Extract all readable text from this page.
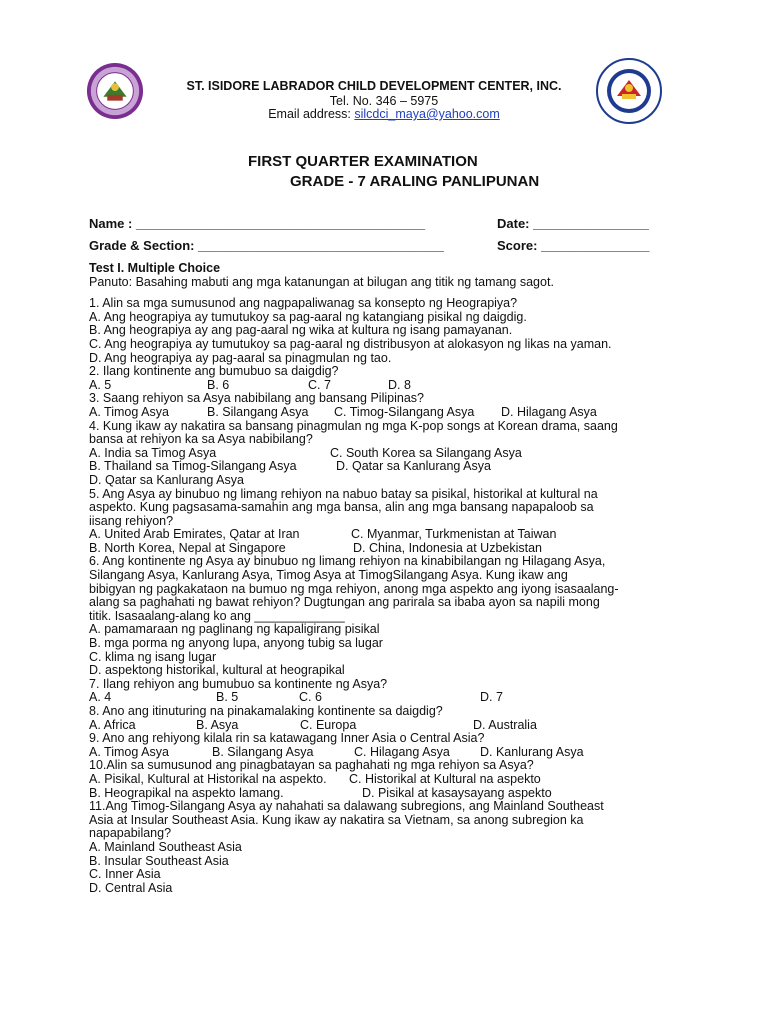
ST. ISIDORE LABRADOR CHILD DEVELOPMENT CENTER, INC.
Tel. No. 346 – 5975
Email address: silcdci_maya@yahoo.com
FIRST QUARTER EXAMINATION
GRADE - 7 ARALING PANLIPUNAN
Name : ________________________________________	Date: ________________
Grade & Section: __________________________________	Score: _______________
Test I. Multiple Choice
Panuto: Basahing mabuti ang mga katanungan at bilugan ang titik ng tamang sagot.
1. Alin sa mga sumusunod ang nagpapaliwanag sa konsepto ng Heograpiya?
A. Ang heograpiya ay tumutukoy sa pag-aaral ng katangiang pisikal ng daigdig.
B. Ang heograpiya ay ang pag-aaral ng wika at kultura ng isang pamayanan.
C. Ang heograpiya ay tumutukoy sa pag-aaral ng distribusyon at alokasyon ng likas na yaman.
D. Ang heograpiya ay pag-aaral sa pinagmulan ng tao.
2. Ilang kontinente ang bumubuo sa daigdig?
A. 5	B. 6	C. 7	D. 8
3. Saang rehiyon sa Asya nabibilang ang bansang Pilipinas?
A. Timog Asya	B. Silangang Asya C. Timog-Silangang Asya D. Hilagang Asya
4. Kung ikaw ay nakatira sa bansang pinagmulan ng mga K-pop songs at Korean drama, saang
bansa at rehiyon ka sa Asya nabibilang?
A. India sa Timog Asya	C. South Korea sa Silangang Asya
B. Thailand sa Timog-Silangang Asya	D. Qatar sa Kanlurang Asya
D. Qatar sa Kanlurang Asya
5. Ang Asya ay binubuo ng limang rehiyon na nabuo batay sa pisikal, historikal at kultural na
aspekto. Kung pagsasama-samahin ang mga bansa, alin ang mga bansang napapaloob sa
iisang rehiyon?
A. United Arab Emirates, Qatar at Iran	C. Myanmar, Turkmenistan at Taiwan
B. North Korea, Nepal at Singapore	D. China, Indonesia at Uzbekistan
6. Ang kontinente ng Asya ay binubuo ng limang rehiyon na kinabibilangan ng Hilagang Asya,
Silangang Asya, Kanlurang Asya, Timog Asya at TimogSilangang Asya. Kung ikaw ang
bibigyan ng pagkakataon na bumuo ng mga rehiyon, anong mga aspekto ang iyong isasaalang-
alang sa paghahati ng bawat rehiyon? Dugtungan ang parirala sa ibaba ayon sa napili mong
titik. Isasaalang-alang ko ang _____________
A. pamamaraan ng paglinang ng kapaligirang pisikal
B. mga porma ng anyong lupa, anyong tubig sa lugar
C. klima ng isang lugar
D. aspektong historikal, kultural at heograpikal
7. Ilang rehiyon ang bumubuo sa kontinente ng Asya?
A. 4	B. 5	C. 6	D. 7
8. Ano ang itinuturing na pinakamalaking kontinente sa daigdig?
A. Africa	B. Asya	C. Europa	D. Australia
9. Ano ang rehiyong kilala rin sa katawagang Inner Asia o Central Asia?
A. Timog Asya	B. Silangang Asya	C. Hilagang Asya D. Kanlurang Asya
10.Alin sa sumusunod ang pinagbatayan sa paghahati ng mga rehiyon sa Asya?
A. Pisikal, Kultural at Historikal na aspekto. C. Historikal at Kultural na aspekto
B. Heograpikal na aspekto lamang.	D. Pisikal at kasaysayang aspekto
11.Ang Timog-Silangang Asya ay nahahati sa dalawang subregions, ang Mainland Southeast
Asia at Insular Southeast Asia. Kung ikaw ay nakatira sa Vietnam, sa anong subregion ka
napapabilang?
A. Mainland Southeast Asia
B. Insular Southeast Asia
C. Inner Asia
D. Central Asia
